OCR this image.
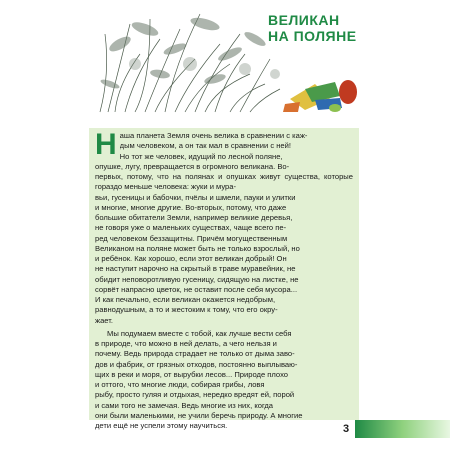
ВЕЛИКАН
НА ПОЛЯНЕ

Н аша планета Земля очень велика в сравнении с каж-
дым человеком, а он так мал в сравнении с ней!
Но тот же человек, идущий по лесной поляне,
опушке, лугу, превращается в огромного великана. Во-
первых, потому, что на полянах и опушках живут существа, которые гораздо меньше человека: жуки и мура-
вьи, гусеницы и бабочки, пчёлы и шмели, пауки и улитки
и многие, многие другие. Во-вторых, потому, что даже
большие обитатели Земли, например великие деревья,
не говоря уже о маленьких существах, чаще всего пе-
ред человеком беззащитны. Причём могущественным
Великаном на поляне может быть не только взрослый, но
и ребёнок. Как хорошо, если этот великан добрый! Он
не наступит нарочно на скрытый в траве муравейник, не
обидит неповоротливую гусеницу, сидящую на листке, не
сорвёт напрасно цветок, не оставит после себя мусора...
И как печально, если великан окажется недобрым,
равнодушным, а то и жестоким к тому, что его окру-
жает.

Мы подумаем вместе с тобой, как лучше вести себя
в природе, что можно в ней делать, а чего нельзя и
почему. Ведь природа страдает не только от дыма заво-
дов и фабрик, от грязных отходов, постоянно выплываю-
щих в реки и моря, от вырубки лесов... Природе плохо
и оттого, что многие люди, собирая грибы, ловя
рыбу, просто гуляя и отдыхая, нередко вредят ей, порой
и сами того не замечая. Ведь многие из них, когда
они были маленькими, не учили беречь природу. А многие
дети ещё не успели этому научиться.	3
